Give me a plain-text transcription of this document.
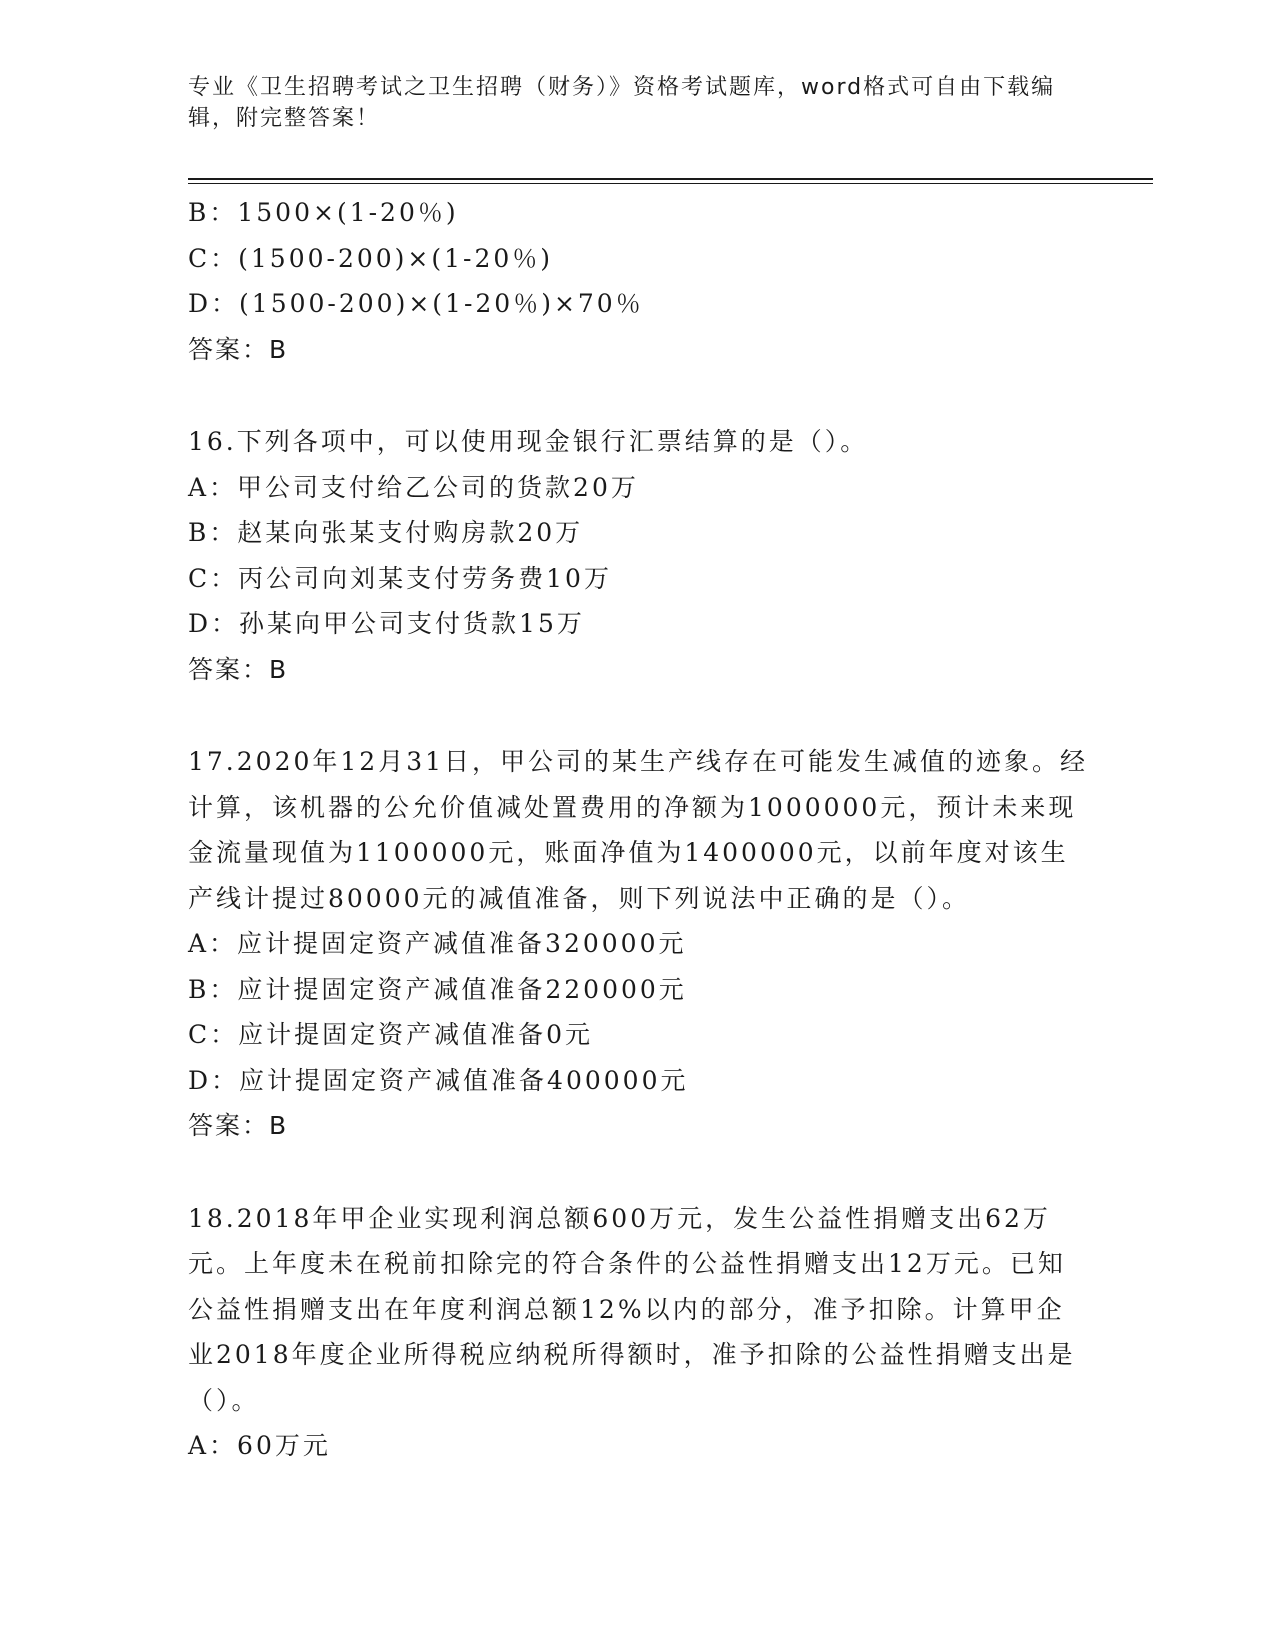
专业《卫生招聘考试之卫生招聘（财务）》资格考试题库，word格式可自由下载编辑，附完整答案！
B：1500×(1-20％)
C：(1500-200)×(1-20％)
D：(1500-200)×(1-20％)×70％
答案：B
16.下列各项中，可以使用现金银行汇票结算的是（）。
A：甲公司支付给乙公司的货款20万
B：赵某向张某支付购房款20万
C：丙公司向刘某支付劳务费10万
D：孙某向甲公司支付货款15万
答案：B
17.2020年12月31日，甲公司的某生产线存在可能发生减值的迹象。经计算，该机器的公允价值减处置费用的净额为1000000元，预计未来现金流量现值为1100000元，账面净值为1400000元，以前年度对该生产线计提过80000元的减值准备，则下列说法中正确的是（）。
A：应计提固定资产减值准备320000元
B：应计提固定资产减值准备220000元
C：应计提固定资产减值准备0元
D：应计提固定资产减值准备400000元
答案：B
18.2018年甲企业实现利润总额600万元，发生公益性捐赠支出62万元。上年度未在税前扣除完的符合条件的公益性捐赠支出12万元。已知公益性捐赠支出在年度利润总额12%以内的部分，准予扣除。计算甲企业2018年度企业所得税应纳税所得额时，准予扣除的公益性捐赠支出是（）。
A：60万元
